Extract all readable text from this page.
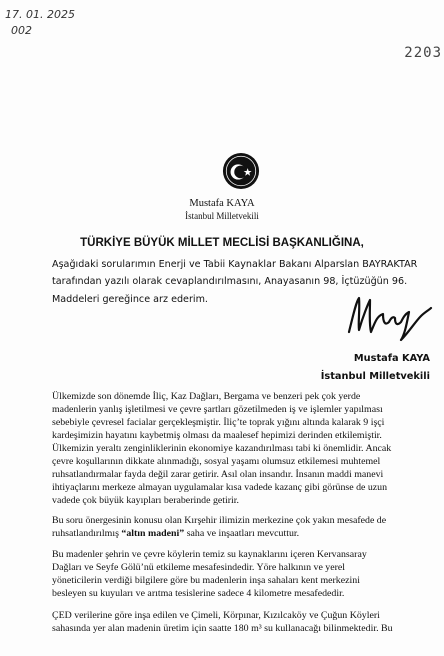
17. 01. 2025
002
2203
Mustafa KAYA
İstanbul Milletvekili
TÜRKİYE BÜYÜK MİLLET MECLİSİ BAŞKANLIĞINA,
Aşağıdaki sorularımın Enerji ve Tabii Kaynaklar Bakanı Alparslan BAYRAKTAR
tarafından yazılı olarak cevaplandırılmasını, Anayasanın 98, İçtüzüğün 96.
Maddeleri gereğince arz ederim.
Mustafa KAYA
İstanbul Milletvekili
Ülkemizde son dönemde İliç, Kaz Dağları, Bergama ve benzeri pek çok yerde
madenlerin yanlış işletilmesi ve çevre şartları gözetilmeden iş ve işlemler yapılması
sebebiyle çevresel facialar gerçekleşmiştir. İliç’te toprak yığını altında kalarak 9 işçi
kardeşimizin hayatını kaybetmiş olması da maalesef hepimizi derinden etkilemiştir.
Ülkemizin yeraltı zenginliklerinin ekonomiye kazandırılması tabi ki önemlidir. Ancak
çevre koşullarının dikkate alınmadığı, sosyal yaşamı olumsuz etkilemesi muhtemel
ruhsatlandırmalar fayda değil zarar getirir. Asıl olan insandır. İnsanın maddi manevi
ihtiyaçlarını merkeze almayan uygulamalar kısa vadede kazanç gibi görünse de uzun
vadede çok büyük kayıpları beraberinde getirir.
Bu soru önergesinin konusu olan Kırşehir ilimizin merkezine çok yakın mesafede de
ruhsatlandırılmış “altın madeni” saha ve inşaatları mevcuttur.
Bu madenler şehrin ve çevre köylerin temiz su kaynaklarını içeren Kervansaray
Dağları ve Seyfe Gölü’nü etkileme mesafesindedir. Yöre halkının ve yerel
yöneticilerin verdiği bilgilere göre bu madenlerin inşa sahaları kent merkezini
besleyen su kuyuları ve arıtma tesislerine sadece 4 kilometre mesafededir.
ÇED verilerine göre inşa edilen ve Çimeli, Körpınar, Kızılcaköy ve Çuğun Köyleri
sahasında yer alan madenin üretim için saatte 180 m³ su kullanacağı bilinmektedir. Bu
